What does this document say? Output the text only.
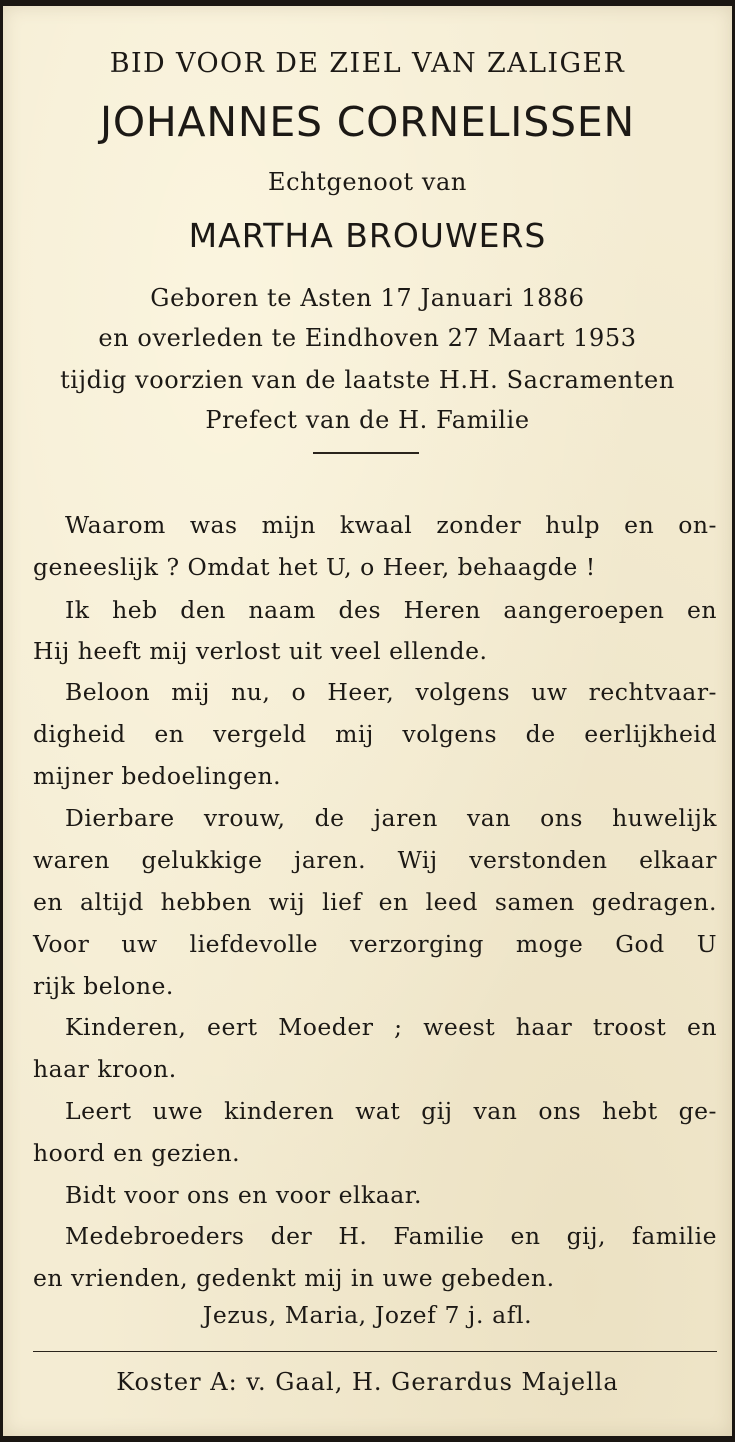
BID VOOR DE ZIEL VAN ZALIGER
JOHANNES CORNELISSEN
Echtgenoot van
MARTHA BROUWERS
Geboren te Asten 17 Januari 1886
en overleden te Eindhoven 27 Maart 1953
tijdig voorzien van de laatste H.H. Sacramenten
Prefect van de H. Familie
Waarom was mijn kwaal zonder hulp en on-
geneeslijk ? Omdat het U, o Heer, behaagde !
Ik heb den naam des Heren aangeroepen en
Hij heeft mij verlost uit veel ellende.
Beloon mij nu, o Heer, volgens uw rechtvaar-
digheid en vergeld mij volgens de eerlijkheid
mijner bedoelingen.
Dierbare vrouw, de jaren van ons huwelijk
waren gelukkige jaren. Wij verstonden elkaar
en altijd hebben wij lief en leed samen gedragen.
Voor uw liefdevolle verzorging moge God U
rijk belone.
Kinderen, eert Moeder ; weest haar troost en
haar kroon.
Leert uwe kinderen wat gij van ons hebt ge-
hoord en gezien.
Bidt voor ons en voor elkaar.
Medebroeders der H. Familie en gij, familie
en vrienden, gedenkt mij in uwe gebeden.
Jezus, Maria, Jozef 7 j. afl.
Koster A: v. Gaal, H. Gerardus Majella
